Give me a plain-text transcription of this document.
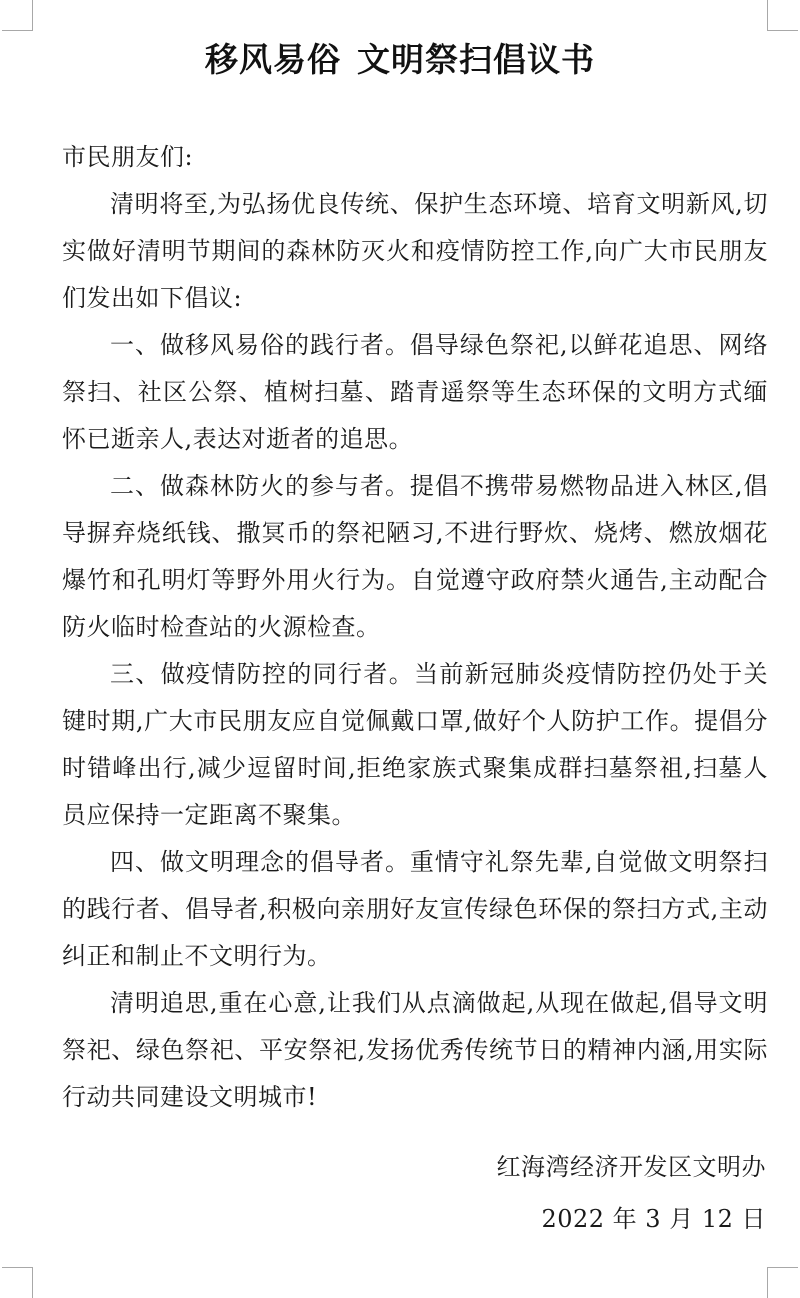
移风易俗 文明祭扫倡议书

市民朋友们:

清明将至,为弘扬优良传统、保护生态环境、培育文明新风,切实做好清明节期间的森林防灭火和疫情防控工作,向广大市民朋友们发出如下倡议:

一、做移风易俗的践行者。倡导绿色祭祀,以鲜花追思、网络祭扫、社区公祭、植树扫墓、踏青遥祭等生态环保的文明方式缅怀已逝亲人,表达对逝者的追思。

二、做森林防火的参与者。提倡不携带易燃物品进入林区,倡导摒弃烧纸钱、撒冥币的祭祀陋习,不进行野炊、烧烤、燃放烟花爆竹和孔明灯等野外用火行为。自觉遵守政府禁火通告,主动配合防火临时检查站的火源检查。

三、做疫情防控的同行者。当前新冠肺炎疫情防控仍处于关键时期,广大市民朋友应自觉佩戴口罩,做好个人防护工作。提倡分时错峰出行,减少逗留时间,拒绝家族式聚集成群扫墓祭祖,扫墓人员应保持一定距离不聚集。

四、做文明理念的倡导者。重情守礼祭先辈,自觉做文明祭扫的践行者、倡导者,积极向亲朋好友宣传绿色环保的祭扫方式,主动纠正和制止不文明行为。

清明追思,重在心意,让我们从点滴做起,从现在做起,倡导文明祭祀、绿色祭祀、平安祭祀,发扬优秀传统节日的精神内涵,用实际行动共同建设文明城市!

红海湾经济开发区文明办
2022 年 3 月 12 日
